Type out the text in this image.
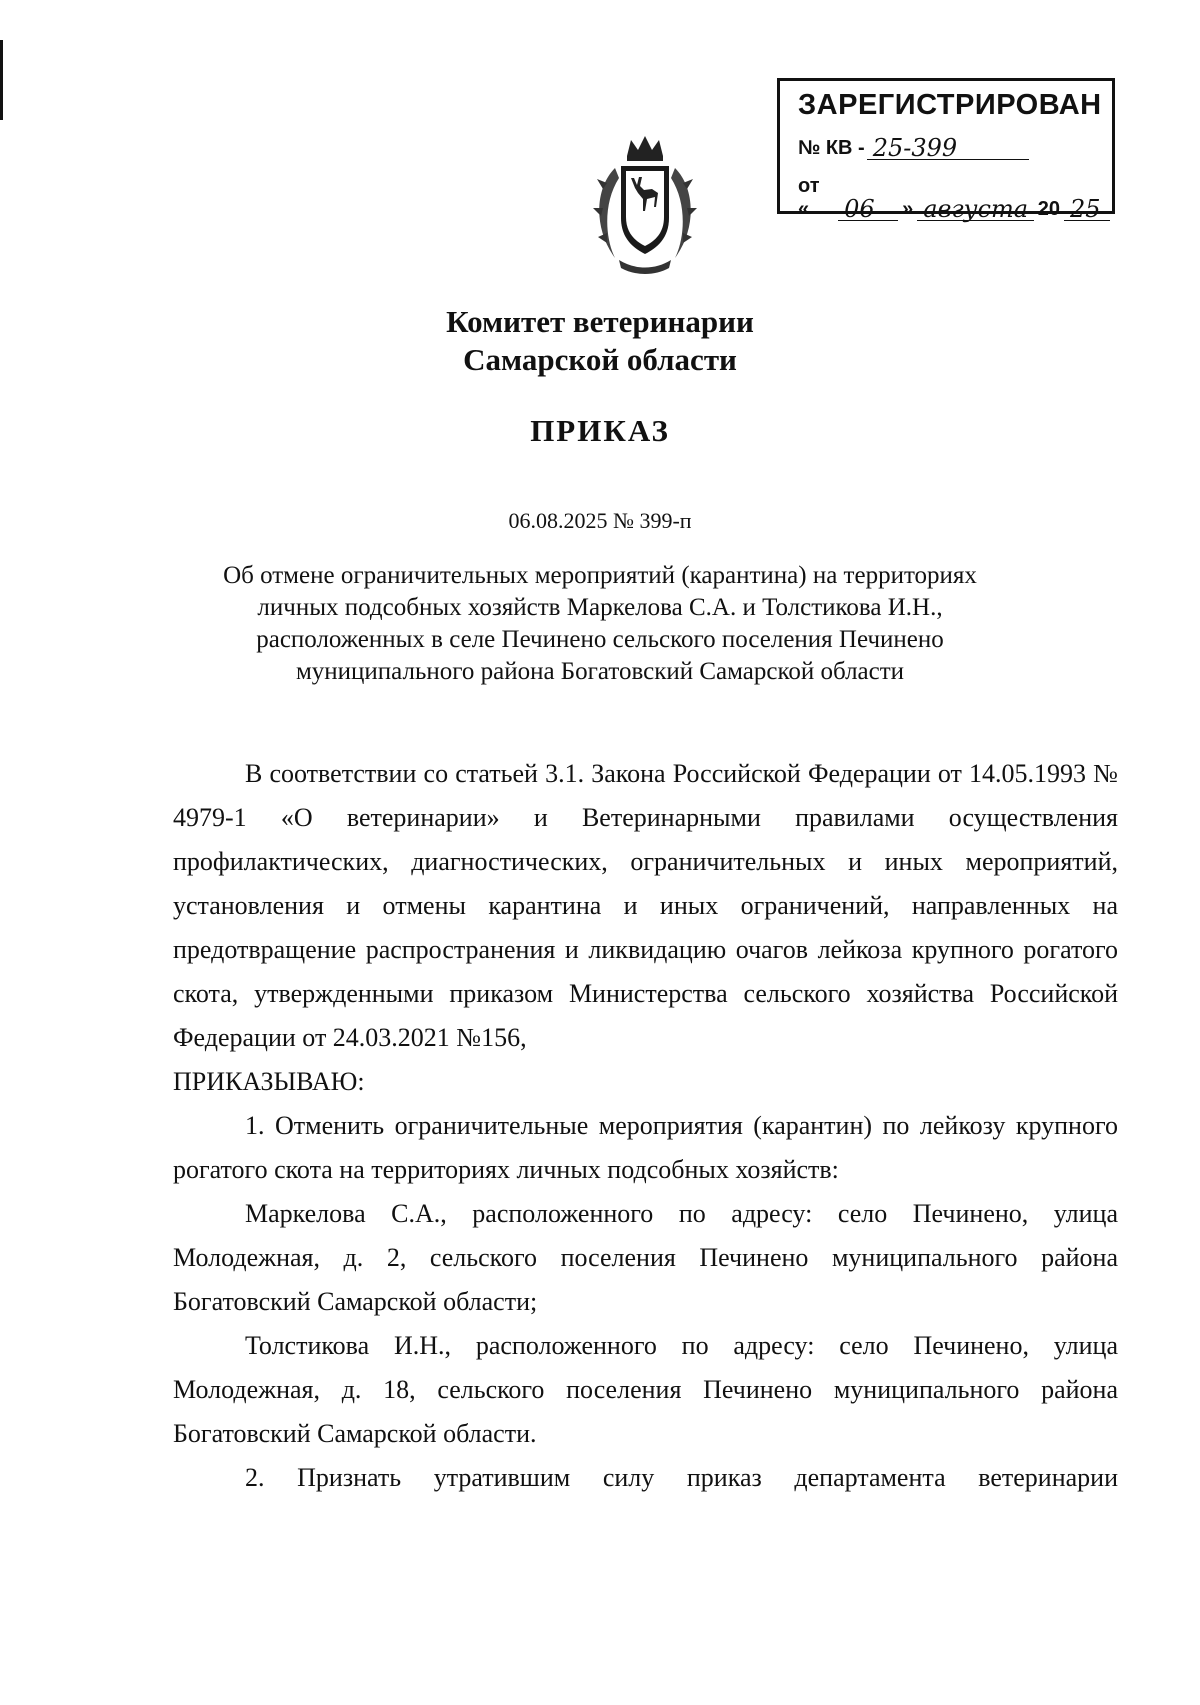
ЗАРЕГИСТРИРОВАН
№ КВ - 25-399
от «	06	» августа 20 25
Комитет ветеринарии
Самарской области
ПРИКАЗ
06.08.2025 № 399-п
Об отмене ограничительных мероприятий (карантина) на территориях
личных подсобных хозяйств Маркелова С.А. и Толстикова И.Н.,
расположенных в селе Печинено сельского поселения Печинено
муниципального района Богатовский Самарской области

В соответствии со статьей 3.1. Закона Российской Федерации от 14.05.1993 № 4979-1 «О ветеринарии» и Ветеринарными правилами осуществления профилактических, диагностических, ограничительных и иных мероприятий, установления и отмены карантина и иных ограничений, направленных на предотвращение распространения и ликвидацию очагов лейкоза крупного рогатого скота, утвержденными приказом Министерства сельского хозяйства Российской Федерации от 24.03.2021 №156,

ПРИКАЗЫВАЮ:

1. Отменить ограничительные мероприятия (карантин) по лейкозу крупного рогатого скота на территориях личных подсобных хозяйств:

Маркелова С.А., расположенного по адресу: село Печинено, улица Молодежная, д. 2, сельского поселения Печинено муниципального района Богатовский Самарской области;

Толстикова И.Н., расположенного по адресу: село Печинено, улица Молодежная, д. 18, сельского поселения Печинено муниципального района Богатовский Самарской области.

2. Признать утратившим силу приказ департамента ветеринарии
